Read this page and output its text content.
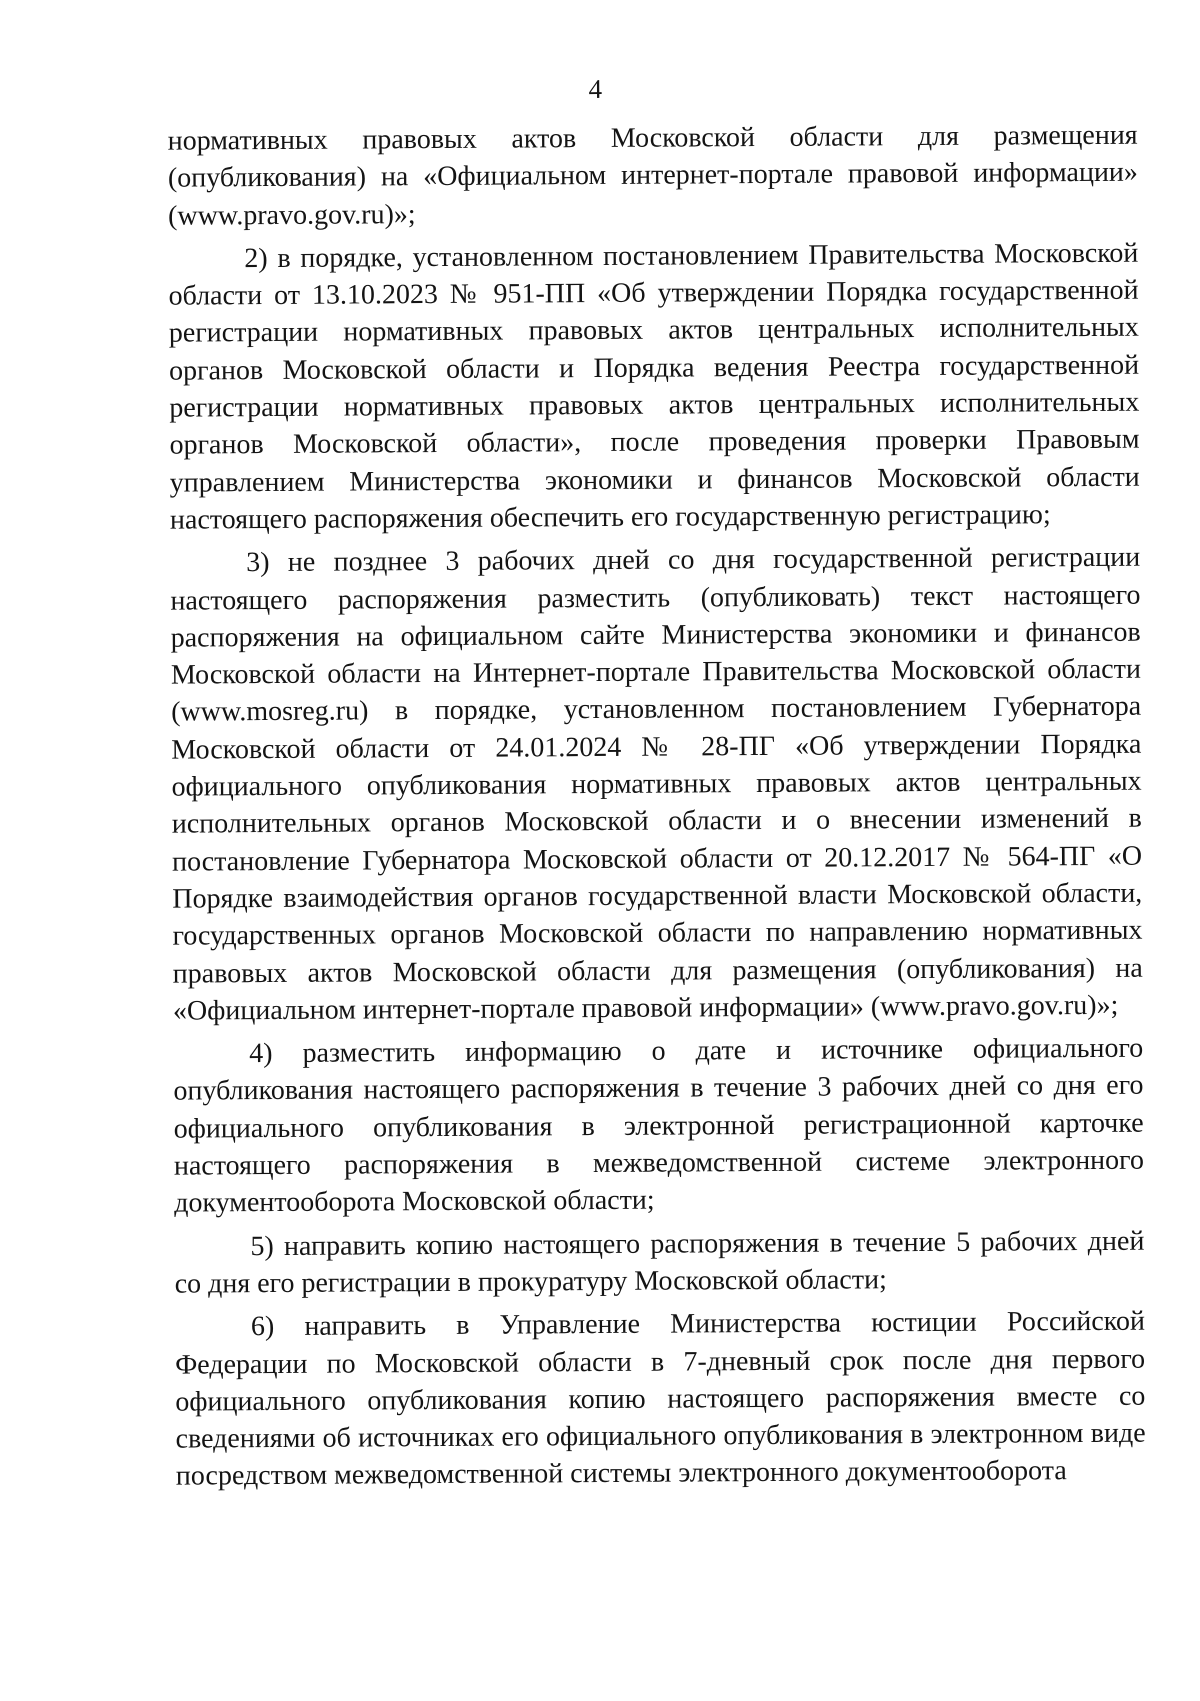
4

нормативных правовых актов Московской области для размещения (опубликования) на «Официальном интернет-портале правовой информации» (www.pravo.gov.ru)»;

2) в порядке, установленном постановлением Правительства Московской области от 13.10.2023 № 951-ПП «Об утверждении Порядка государственной регистрации нормативных правовых актов центральных исполнительных органов Московской области и Порядка ведения Реестра государственной регистрации нормативных правовых актов центральных исполнительных органов Московской области», после проведения проверки Правовым управлением Министерства экономики и финансов Московской области настоящего распоряжения обеспечить его государственную регистрацию;

3) не позднее 3 рабочих дней со дня государственной регистрации настоящего распоряжения разместить (опубликовать) текст настоящего распоряжения на официальном сайте Министерства экономики и финансов Московской области на Интернет-портале Правительства Московской области (www.mosreg.ru) в порядке, установленном постановлением Губернатора Московской области от 24.01.2024 № 28-ПГ «Об утверждении Порядка официального опубликования нормативных правовых актов центральных исполнительных органов Московской области и о внесении изменений в постановление Губернатора Московской области от 20.12.2017 № 564-ПГ «О Порядке взаимодействия органов государственной власти Московской области, государственных органов Московской области по направлению нормативных правовых актов Московской области для размещения (опубликования) на «Официальном интернет-портале правовой информации» (www.pravo.gov.ru)»;

4) разместить информацию о дате и источнике официального опубликования настоящего распоряжения в течение 3 рабочих дней со дня его официального опубликования в электронной регистрационной карточке настоящего распоряжения в межведомственной системе электронного документооборота Московской области;

5) направить копию настоящего распоряжения в течение 5 рабочих дней со дня его регистрации в прокуратуру Московской области;

6) направить в Управление Министерства юстиции Российской Федерации по Московской области в 7-дневный срок после дня первого официального опубликования копию настоящего распоряжения вместе со сведениями об источниках его официального опубликования в электронном виде посредством межведомственной системы электронного документооборота
